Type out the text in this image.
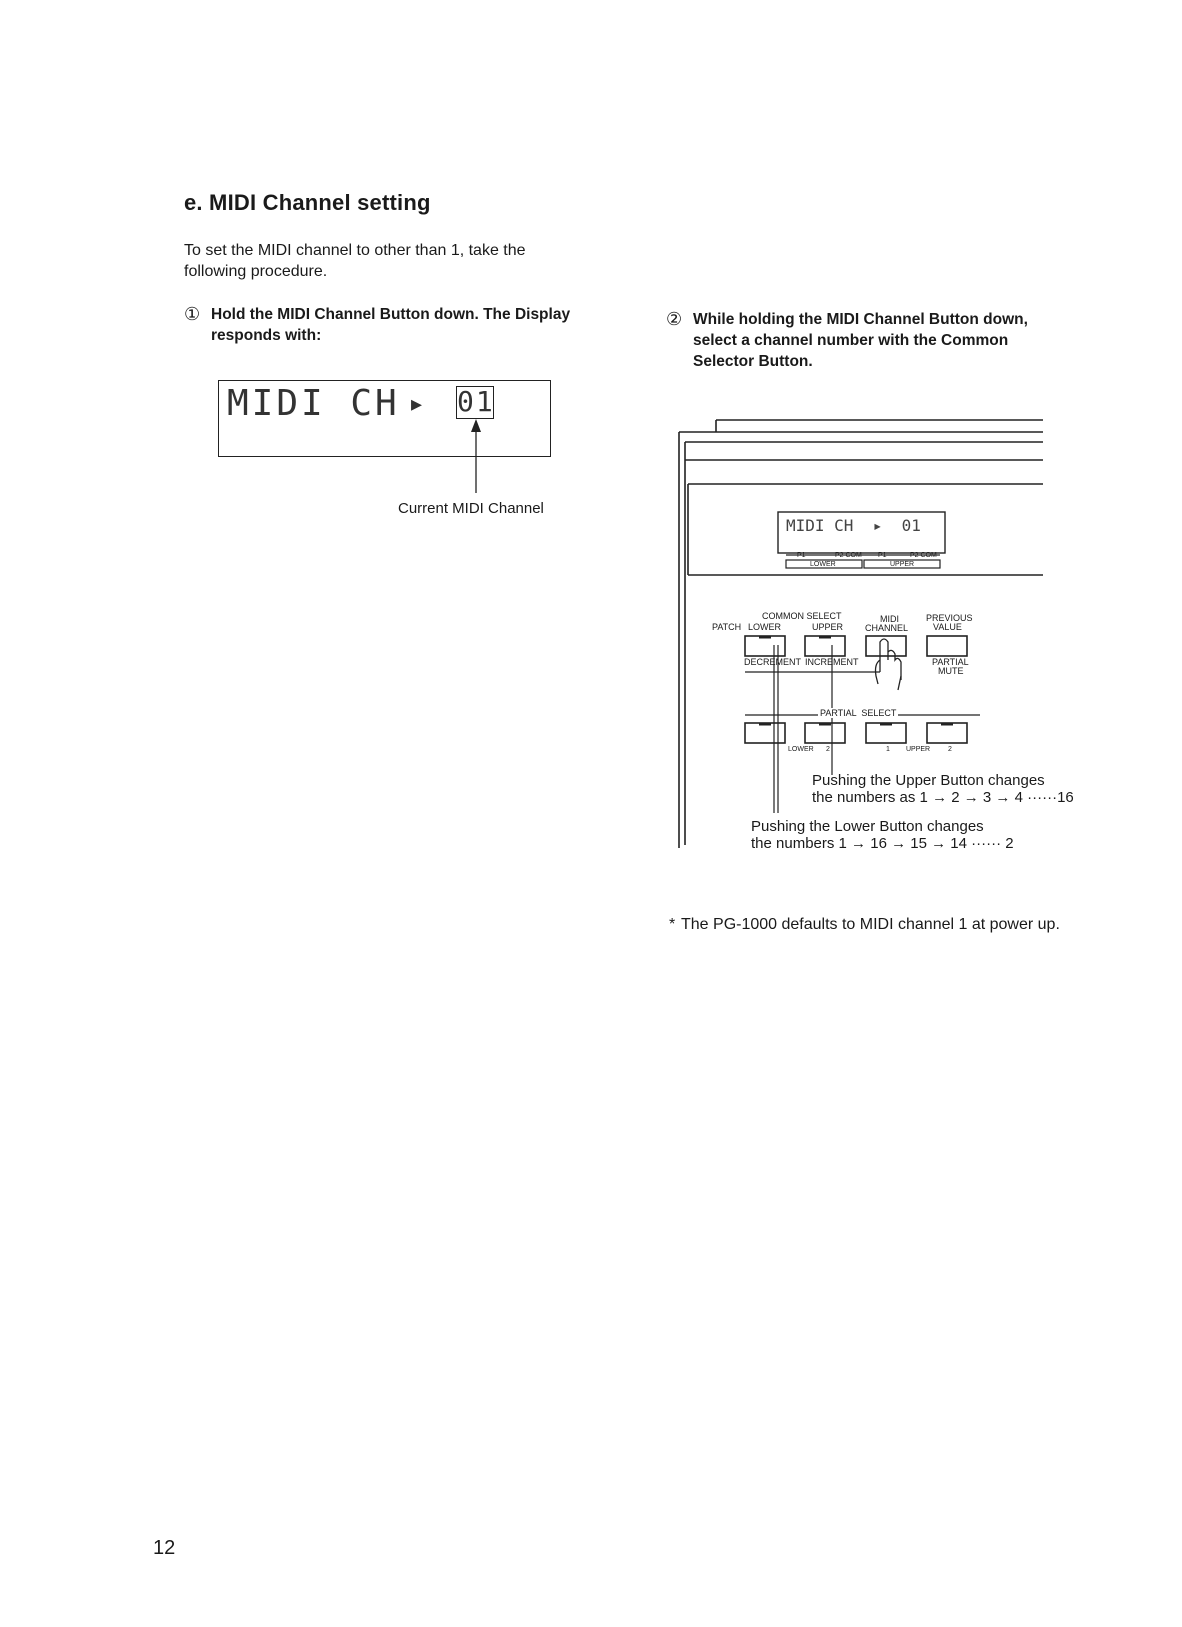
e. MIDI Channel setting
To set the MIDI channel to other than 1, take the following procedure.
① Hold the MIDI Channel Button down. The Display responds with:
② While holding the MIDI Channel Button down, select a channel number with the Common Selector Button.
MIDI CH ▸ 01
MIDI CH  ▸  01
P1	P2 COM P1	P2 COM
LOWER	UPPER
COMMON SELECT
PATCH LOWER	UPPER
MIDI
CHANNEL
PREVIOUS
VALUE
DECREMENT INCREMENT	PARTIAL
MUTE
PARTIAL  SELECT
LOWER 2	1 UPPER	2
Pushing the Upper Button changes
the numbers as 1 → 2 → 3 → 4 ······16
Pushing the Lower Button changes
the numbers 1 → 16 → 15 → 14 ······ 2
Current MIDI Channel
* The PG-1000 defaults to MIDI channel 1 at power up.
12
